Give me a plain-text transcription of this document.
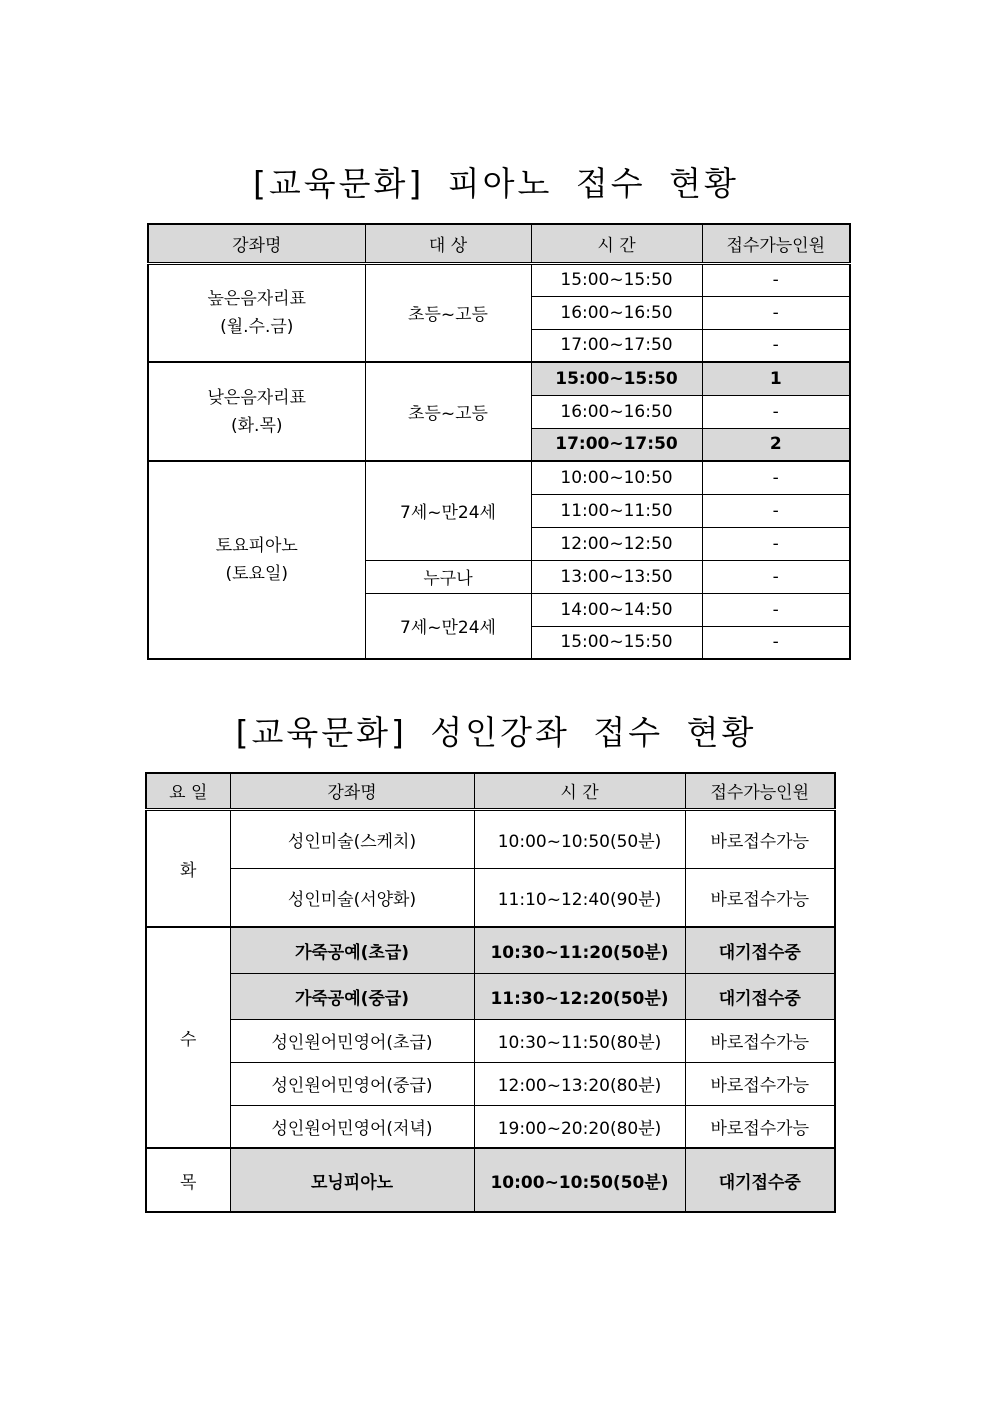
[교육문화] 피아노 접수 현황
강좌명	대 상	시 간	접수가능인원

높은음자리표
(월.수.금)	초등~고등	15:00~15:50	-
		16:00~16:50	-
		17:00~17:50	-

낮은음자리표
(화.목)	초등~고등	15:00~15:50	1
		16:00~16:50	-
		17:00~17:50	2

토요피아노
(토요일)	7세~만24세	10:00~10:50	-
		11:00~11:50	-
		12:00~12:50	-
	누구나	13:00~13:50	-
	7세~만24세	14:00~14:50	-
		15:00~15:50	-
[교육문화] 성인강좌 접수 현황
요 일	강좌명	시 간	접수가능인원
화	성인미술(스케치)	10:00~10:50(50분)	바로접수가능
	성인미술(서양화)	11:10~12:40(90분)	바로접수가능
수	가죽공예(초급)	10:30~11:20(50분)	대기접수중
	가죽공예(중급)	11:30~12:20(50분)	대기접수중
	성인원어민영어(초급)	10:30~11:50(80분)	바로접수가능
	성인원어민영어(중급)	12:00~13:20(80분)	바로접수가능
	성인원어민영어(저녁)	19:00~20:20(80분)	바로접수가능
목	모닝피아노	10:00~10:50(50분)	대기접수중
